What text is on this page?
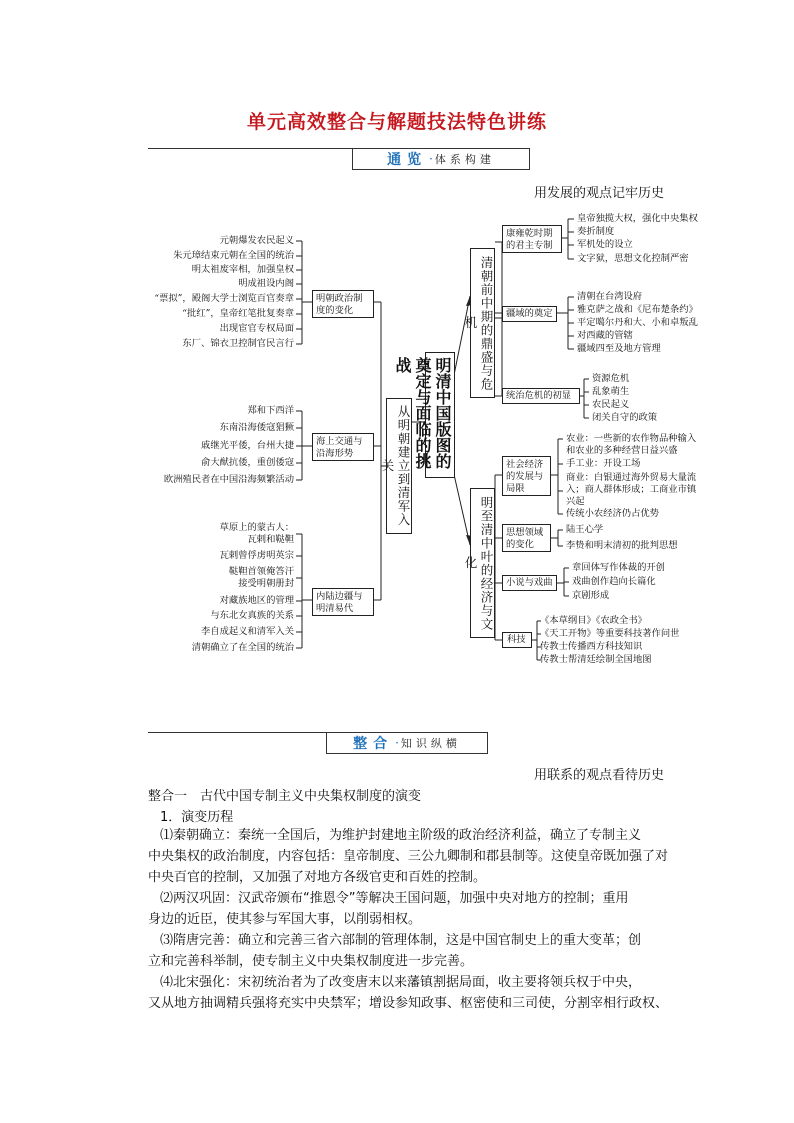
单元高效整合与解题技法特色讲练
通览 · 体系构建
用发展的观点记牢历史
元朝爆发农民起义
朱元璋结束元朝在全国的统治
明太祖废宰相，加强皇权
明成祖设内阁
“票拟”，殿阁大学士浏览百官奏章
“批红”，皇帝红笔批复奏章
出现宦官专权局面
东厂、锦衣卫控制官民言行
明朝政治制度的变化
郑和下西洋
东南沿海倭寇猖獗
戚继光平倭，台州大捷
俞大猷抗倭，重创倭寇
欧洲殖民者在中国沿海频繁活动
海上交通与沿海形势
草原上的蒙古人：
瓦剌和鞑靼
瓦剌曾俘虏明英宗
鞑靼首领俺答汗
接受明朝册封
对藏族地区的管理
与东北女真族的关系
李自成起义和清军入关
清朝确立了在全国的统治
内陆边疆与明清易代
从明朝建立到清军入关	明清中国版图的奠定与面临的挑战	清朝前中期的鼎盛与危机
康雍乾时期的君主专制
皇帝独揽大权，强化中央集权
奏折制度
军机处的设立
文字狱，思想文化控制严密
疆域的奠定
清朝在台湾设府
雅克萨之战和《尼布楚条约》
平定噶尔丹和大、小和卓叛乱
对西藏的管辖
疆域四至及地方管理
统治危机的初显
资源危机
乱象萌生
农民起义
闭关自守的政策
明至清中叶的经济与文化
社会经济的发展与局限
农业：一些新的农作物品种输入
和农业的多种经营日益兴盛
手工业：开设工场
商业：白银通过海外贸易大量流
入；商人群体形成；工商业市镇
兴起
传统小农经济仍占优势
思想领域的变化
陆王心学
李贽和明末清初的批判思想
小说与戏曲
章回体写作体裁的开创
戏曲创作趋向长篇化
京剧形成
科技
《本草纲目》《农政全书》
《天工开物》等重要科技著作问世
传教士传播西方科技知识
传教士帮清廷绘制全国地图
整合 · 知识纵横
用联系的观点看待历史
整合一　古代中国专制主义中央集权制度的演变
1．演变历程
⑴秦朝确立：秦统一全国后，为维护封建地主阶级的政治经济利益，确立了专制主义
中央集权的政治制度，内容包括：皇帝制度、三公九卿制和郡县制等。这使皇帝既加强了对
中央百官的控制，又加强了对地方各级官吏和百姓的控制。
⑵两汉巩固：汉武帝颁布“推恩令”等解决王国问题，加强中央对地方的控制；重用
身边的近臣，使其参与军国大事，以削弱相权。
⑶隋唐完善：确立和完善三省六部制的管理体制，这是中国官制史上的重大变革；创
立和完善科举制，使专制主义中央集权制度进一步完善。
⑷北宋强化：宋初统治者为了改变唐末以来藩镇割据局面，收主要将领兵权于中央，
又从地方抽调精兵强将充实中央禁军；增设参知政事、枢密使和三司使，分割宰相行政权、
